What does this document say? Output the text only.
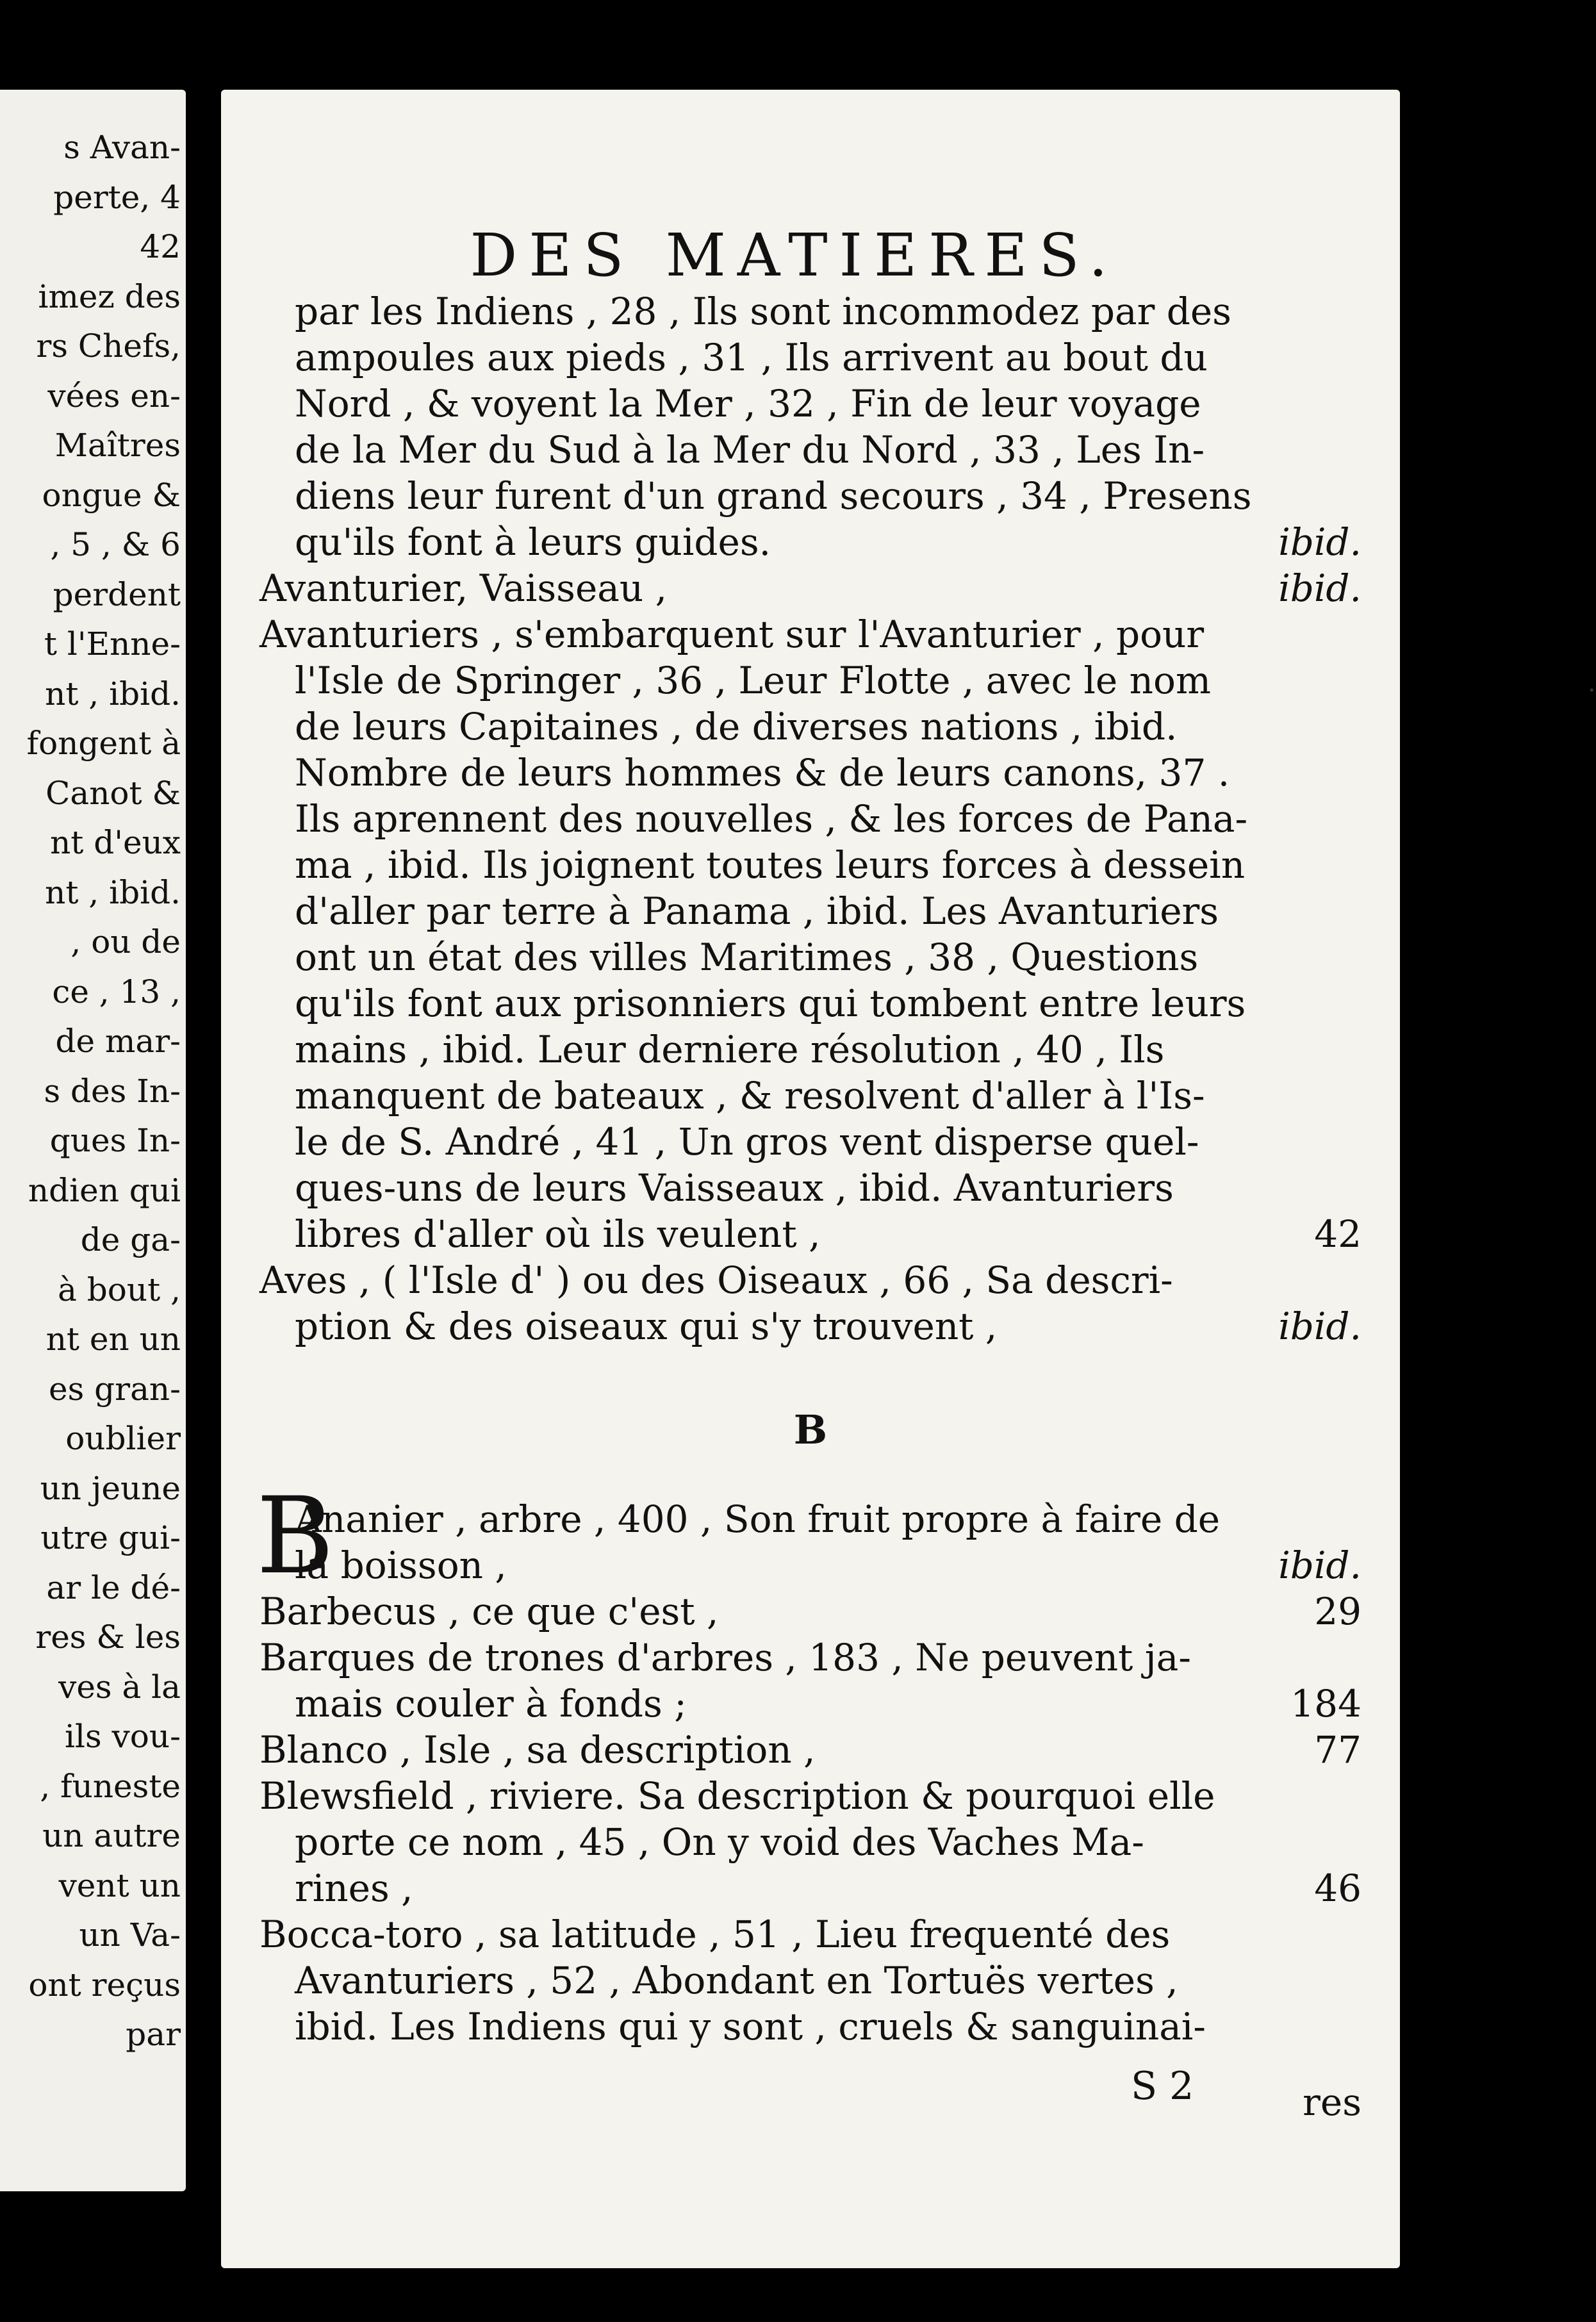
s Avan-
perte, 4
42
imez des
rs Chefs,
vées en-
Maîtres
ongue &
, 5 , & 6
perdent
t l'Enne-
nt , ibid.
fongent à
Canot &
nt d'eux
nt , ibid.
, ou de
ce , 13 ,
de mar-
s des In-
ques In-
ndien qui
de ga-
à bout ,
nt en un
es gran-
oublier
un jeune
utre gui-
ar le dé-
res & les
ves à la
ils vou-
, funeste
un autre
vent un
un Va-
ont reçus
par
DES MATIERES.
par les Indiens , 28 , Ils sont incommodez par des
ampoules aux pieds , 31 , Ils arrivent au bout du
Nord , & voyent la Mer , 32 , Fin de leur voyage
de la Mer du Sud à la Mer du Nord , 33 , Les In-
diens leur furent d'un grand secours , 34 , Presens
qu'ils font à leurs guides.	ibid.
Avanturier, Vaisseau ,	ibid.
Avanturiers , s'embarquent sur l'Avanturier , pour
l'Isle de Springer , 36 , Leur Flotte , avec le nom
de leurs Capitaines , de diverses nations , ibid.
Nombre de leurs hommes & de leurs canons, 37 .
Ils aprennent des nouvelles , & les forces de Pana-
ma , ibid. Ils joignent toutes leurs forces à dessein
d'aller par terre à Panama , ibid. Les Avanturiers
ont un état des villes Maritimes , 38 , Questions
qu'ils font aux prisonniers qui tombent entre leurs
mains , ibid. Leur derniere résolution , 40 , Ils
manquent de bateaux , & resolvent d'aller à l'Is-
le de S. André , 41 , Un gros vent disperse quel-
ques-uns de leurs Vaisseaux , ibid. Avanturiers
libres d'aller où ils veulent ,	42
Aves , ( l'Isle d' ) ou des Oiseaux , 66 , Sa descri-
ption & des oiseaux qui s'y trouvent ,	ibid.
B
B
Ananier , arbre , 400 , Son fruit propre à faire de
la boisson ,	ibid.
Barbecus , ce que c'est ,	29
Barques de trones d'arbres , 183 , Ne peuvent ja-
mais couler à fonds ;	184
Blanco , Isle , sa description ,	77
Blewsfield , riviere. Sa description & pourquoi elle
porte ce nom , 45 , On y void des Vaches Ma-
rines ,	46
Bocca-toro , sa latitude , 51 , Lieu frequenté des
Avanturiers , 52 , Abondant en Tortuës vertes ,
ibid. Les Indiens qui y sont , cruels & sanguinai-
S 2	res
·
